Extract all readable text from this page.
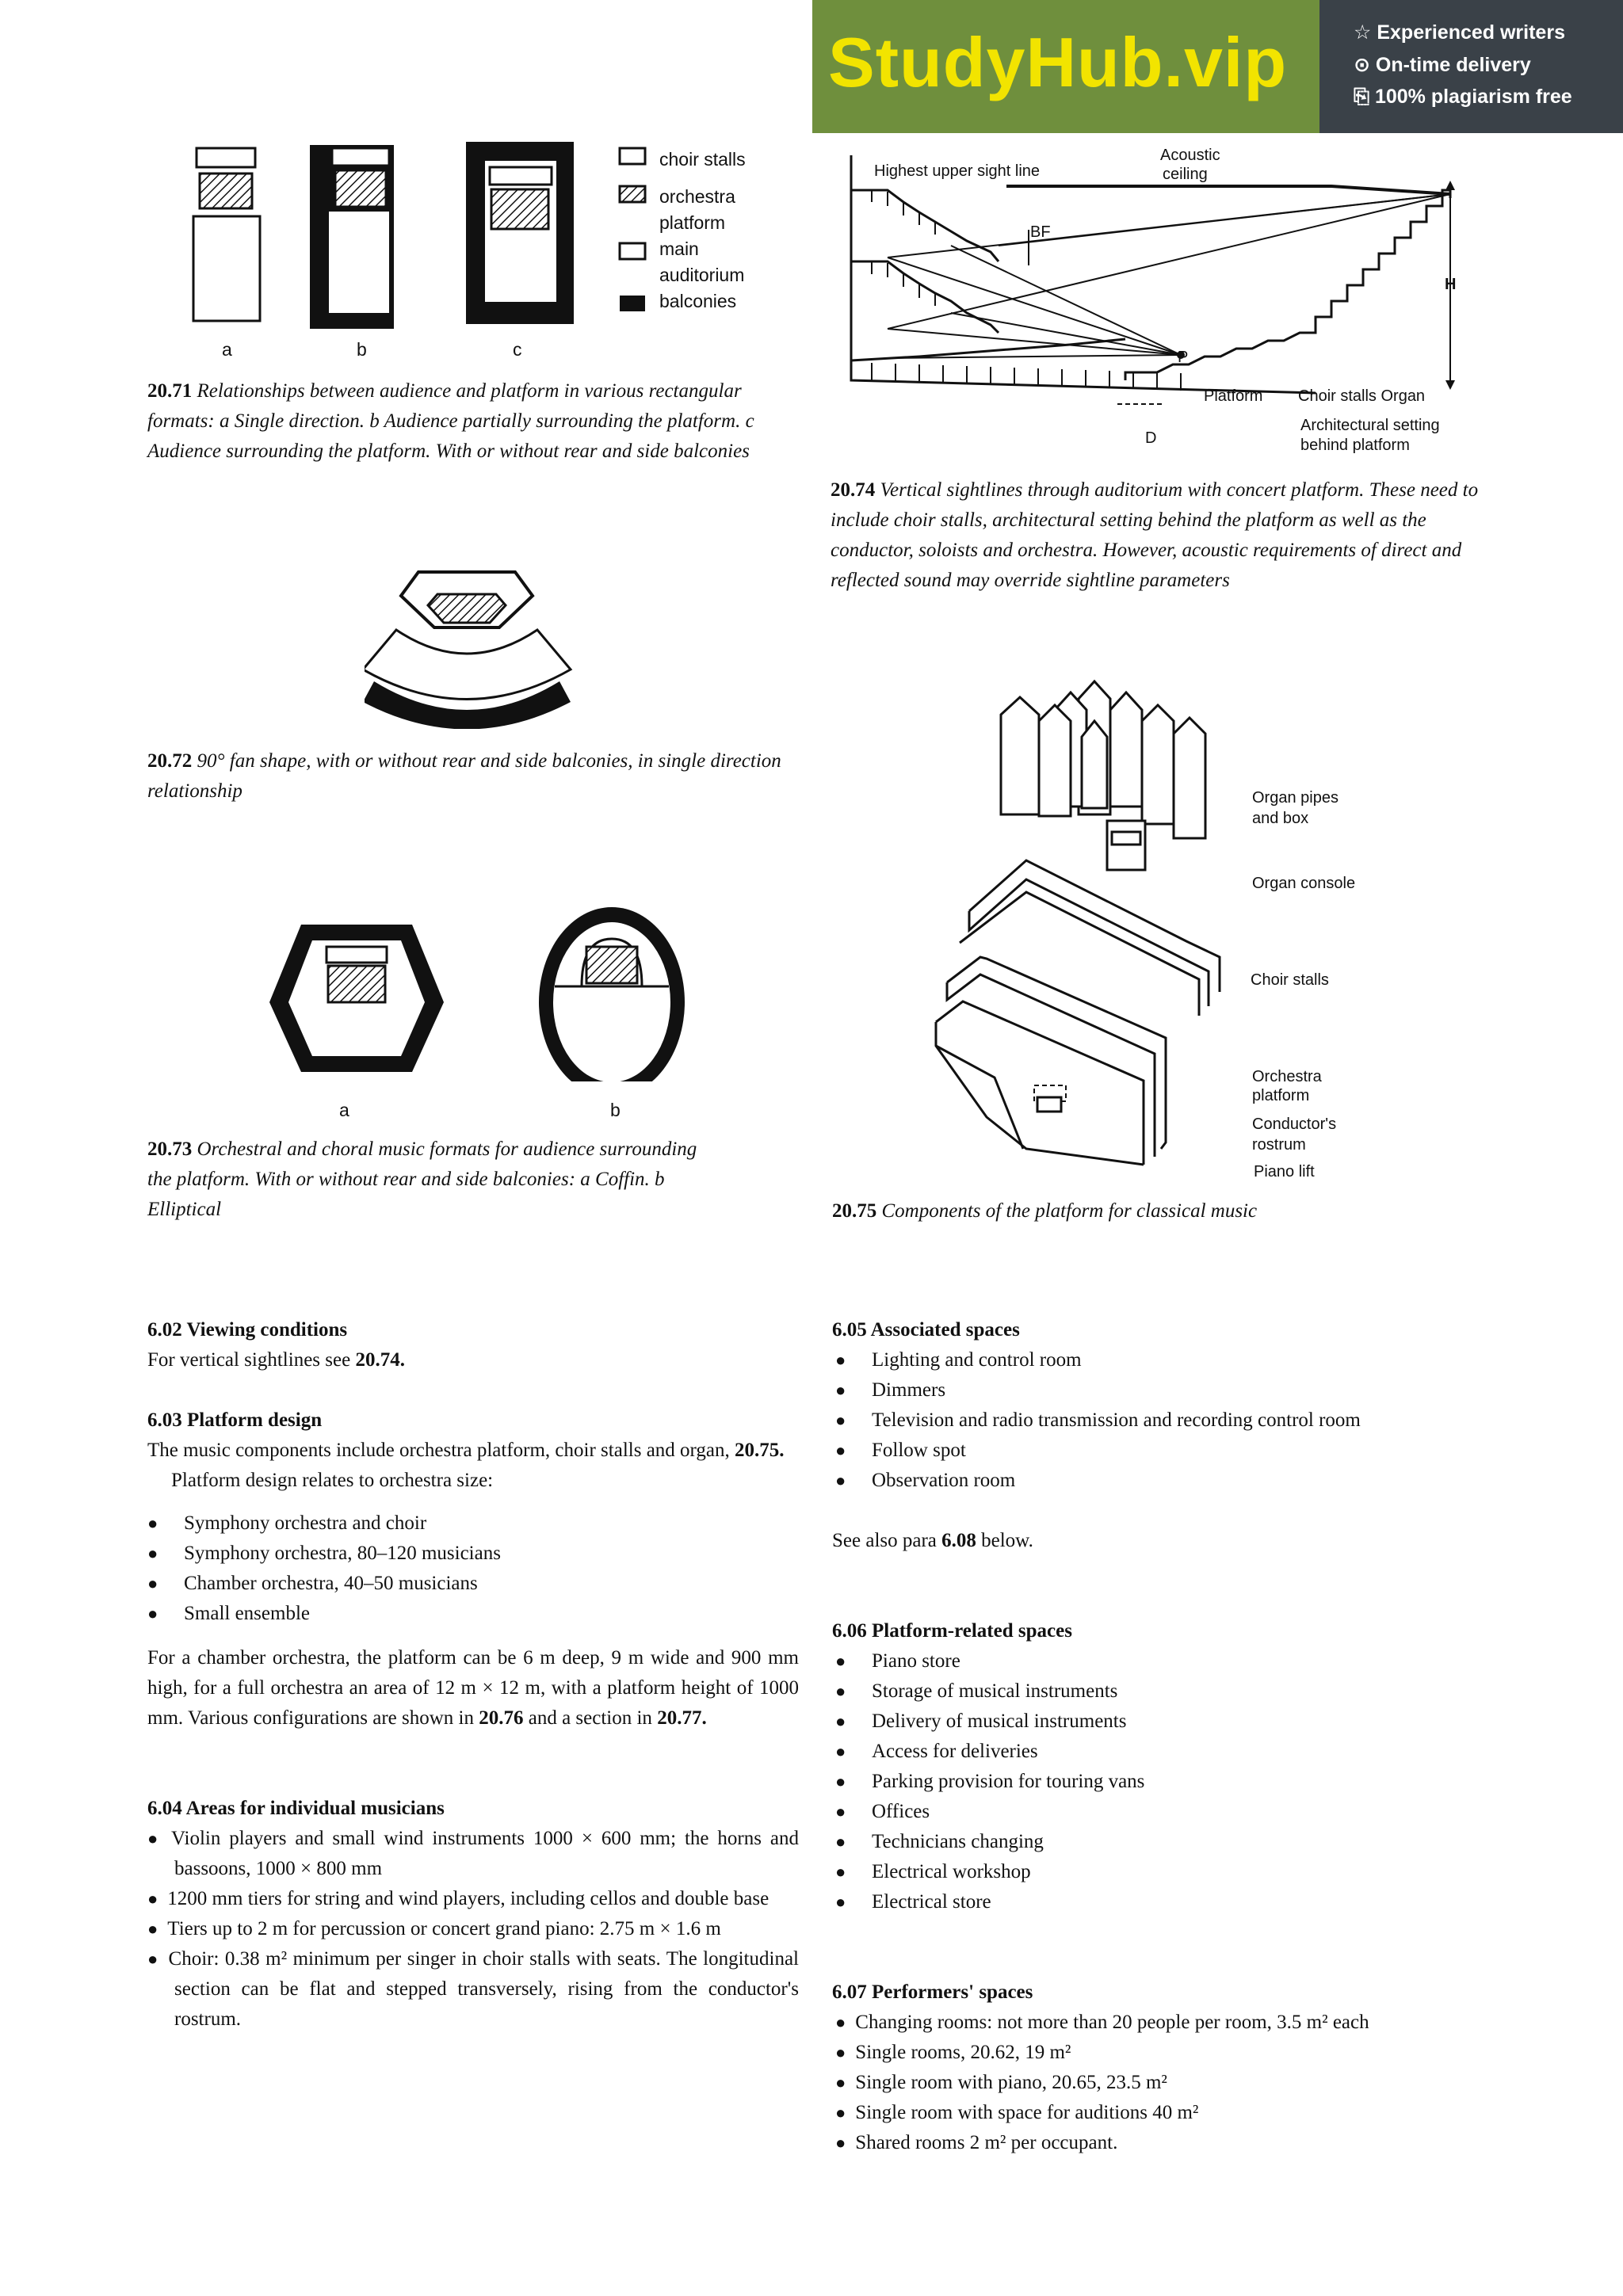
StudyHub.vip	☆ Experienced writers
⊙ On-time delivery
⎘ 100% plagiarism free
choir stalls
orchestra
platform
main
auditorium
balconies
a	b	c
20.71 Relationships between audience and platform in various rectangular formats: a Single direction. b Audience partially surrounding the platform. c Audience surrounding the platform. With or without rear and side balconies
20.72 90° fan shape, with or without rear and side balconies, in single direction relationship
a	b
20.73 Orchestral and choral music formats for audience surrounding the platform. With or without rear and side balconies: a Coffin. b Elliptical
Highest upper sight line
Acoustic
ceiling
BF
H
P
Platform Choir stalls Organ
Architectural setting
behind platform
D
20.74 Vertical sightlines through auditorium with concert platform. These need to include choir stalls, architectural setting behind the platform as well as the conductor, soloists and orchestra. However, acoustic requirements of direct and reflected sound may override sightline parameters
Organ pipes
and box
Organ console
Choir stalls
Orchestra
platform
Conductor's
rostrum
Piano lift
20.75 Components of the platform for classical music
6.02 Viewing conditions
For vertical sightlines see 20.74.
6.03 Platform design
The music components include orchestra platform, choir stalls and organ, 20.75.
Platform design relates to orchestra size:
● Symphony orchestra and choir
● Symphony orchestra, 80–120 musicians
● Chamber orchestra, 40–50 musicians
● Small ensemble
For a chamber orchestra, the platform can be 6 m deep, 9 m wide and 900 mm high, for a full orchestra an area of 12 m × 12 m, with a platform height of 1000 mm. Various configurations are shown in 20.76 and a section in 20.77.
6.04 Areas for individual musicians
● Violin players and small wind instruments 1000 × 600 mm; the horns and bassoons, 1000 × 800 mm
● 1200 mm tiers for string and wind players, including cellos and double base
● Tiers up to 2 m for percussion or concert grand piano: 2.75 m × 1.6 m
● Choir: 0.38 m² minimum per singer in choir stalls with seats. The longitudinal section can be flat and stepped transversely, rising from the conductor's rostrum.
6.05 Associated spaces
● Lighting and control room
● Dimmers
● Television and radio transmission and recording control room
● Follow spot
● Observation room
See also para 6.08 below.
6.06 Platform-related spaces
● Piano store
● Storage of musical instruments
● Delivery of musical instruments
● Access for deliveries
● Parking provision for touring vans
● Offices
● Technicians changing
● Electrical workshop
● Electrical store
6.07 Performers' spaces
● Changing rooms: not more than 20 people per room, 3.5 m² each
● Single rooms, 20.62, 19 m²
● Single room with piano, 20.65, 23.5 m²
● Single room with space for auditions 40 m²
● Shared rooms 2 m² per occupant.
